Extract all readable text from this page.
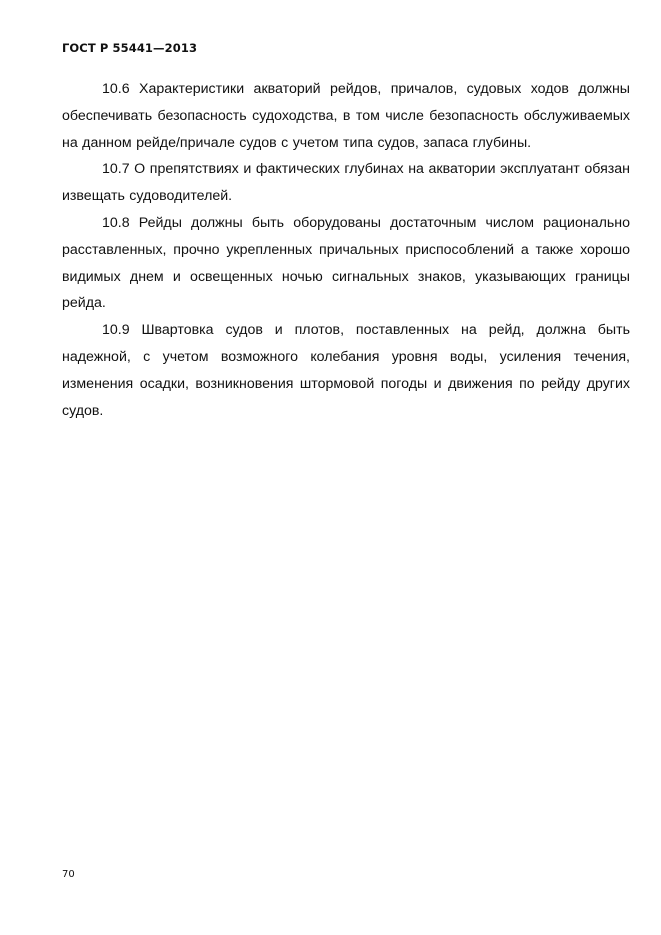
ГОСТ Р 55441—2013

10.6 Характеристики акваторий рейдов, причалов, судовых ходов должны обеспечивать безопасность судоходства, в том числе безопасность обслуживаемых на данном рейде/причале судов с учетом типа судов, запаса глубины.

10.7 О препятствиях и фактических глубинах на акватории эксплуатант обязан извещать судоводителей.

10.8 Рейды должны быть оборудованы достаточным числом рационально расставленных, прочно укрепленных причальных приспособлений а также хорошо видимых днем и освещенных ночью сигнальных знаков, указывающих границы рейда.

10.9 Швартовка судов и плотов, поставленных на рейд, должна быть надежной, с учетом возможного колебания уровня воды, усиления течения, изменения осадки, возникновения штормовой погоды и движения по рейду других судов.

70
